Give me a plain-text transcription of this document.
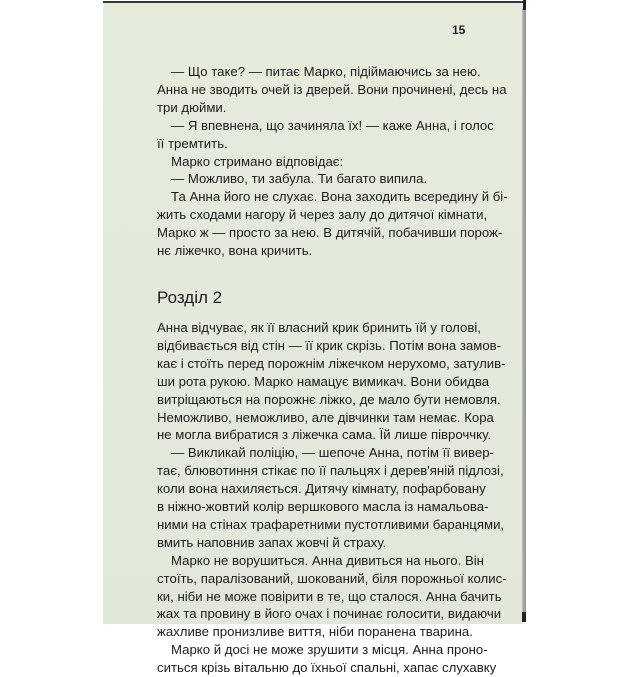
15

— Що таке? — питає Марко, підіймаючись за нею.
Анна не зводить очей із дверей. Вони прочинені, десь на
три дюйми.

— Я впевнена, що зачиняла їх! — каже Анна, і голос
її тремтить.

Марко стримано відповідає:

— Можливо, ти забула. Ти багато випила.

Та Анна його не слухає. Вона заходить всередину й бі-
жить сходами нагору й через залу до дитячої кімнати,
Марко ж — просто за нею. В дитячій, побачивши порож-
нє ліжечко, вона кричить.

Розділ 2

Анна відчуває, як її власний крик бринить їй у голові,
відбивається від стін — її крик скрізь. Потім вона замов-
кає і стоїть перед порожнім ліжечком нерухомо, затулив-
ши рота рукою. Марко намацує вимикач. Вони обидва
витріщаються на порожнє ліжко, де мало бути немовля.
Неможливо, неможливо, але дівчинки там немає. Кора
не могла вибратися з ліжечка сама. Їй лише півроччку.

— Викликай поліцію, — шепоче Анна, потім її вивер-
тає, блювотиння стікає по її пальцях і дерев'яній підлозі,
коли вона нахиляється. Дитячу кімнату, пофарбовану
в ніжно-жовтий колір вершкового масла із намальова-
ними на стінах трафаретними пустотливими баранцями,
вмить наповнив запах жовчі й страху.

Марко не ворушиться. Анна дивиться на нього. Він
стоїть, паралізований, шокований, біля порожньої колис-
ки, ніби не може повірити в те, що сталося. Анна бачить
жах та провину в його очах і починає голосити, видаючи
жахливе пронизливе виття, ніби поранена тварина.

Марко й досі не може зрушити з місця. Анна проно-
ситься крізь вітальню до їхньої спальні, хапає слухавку
